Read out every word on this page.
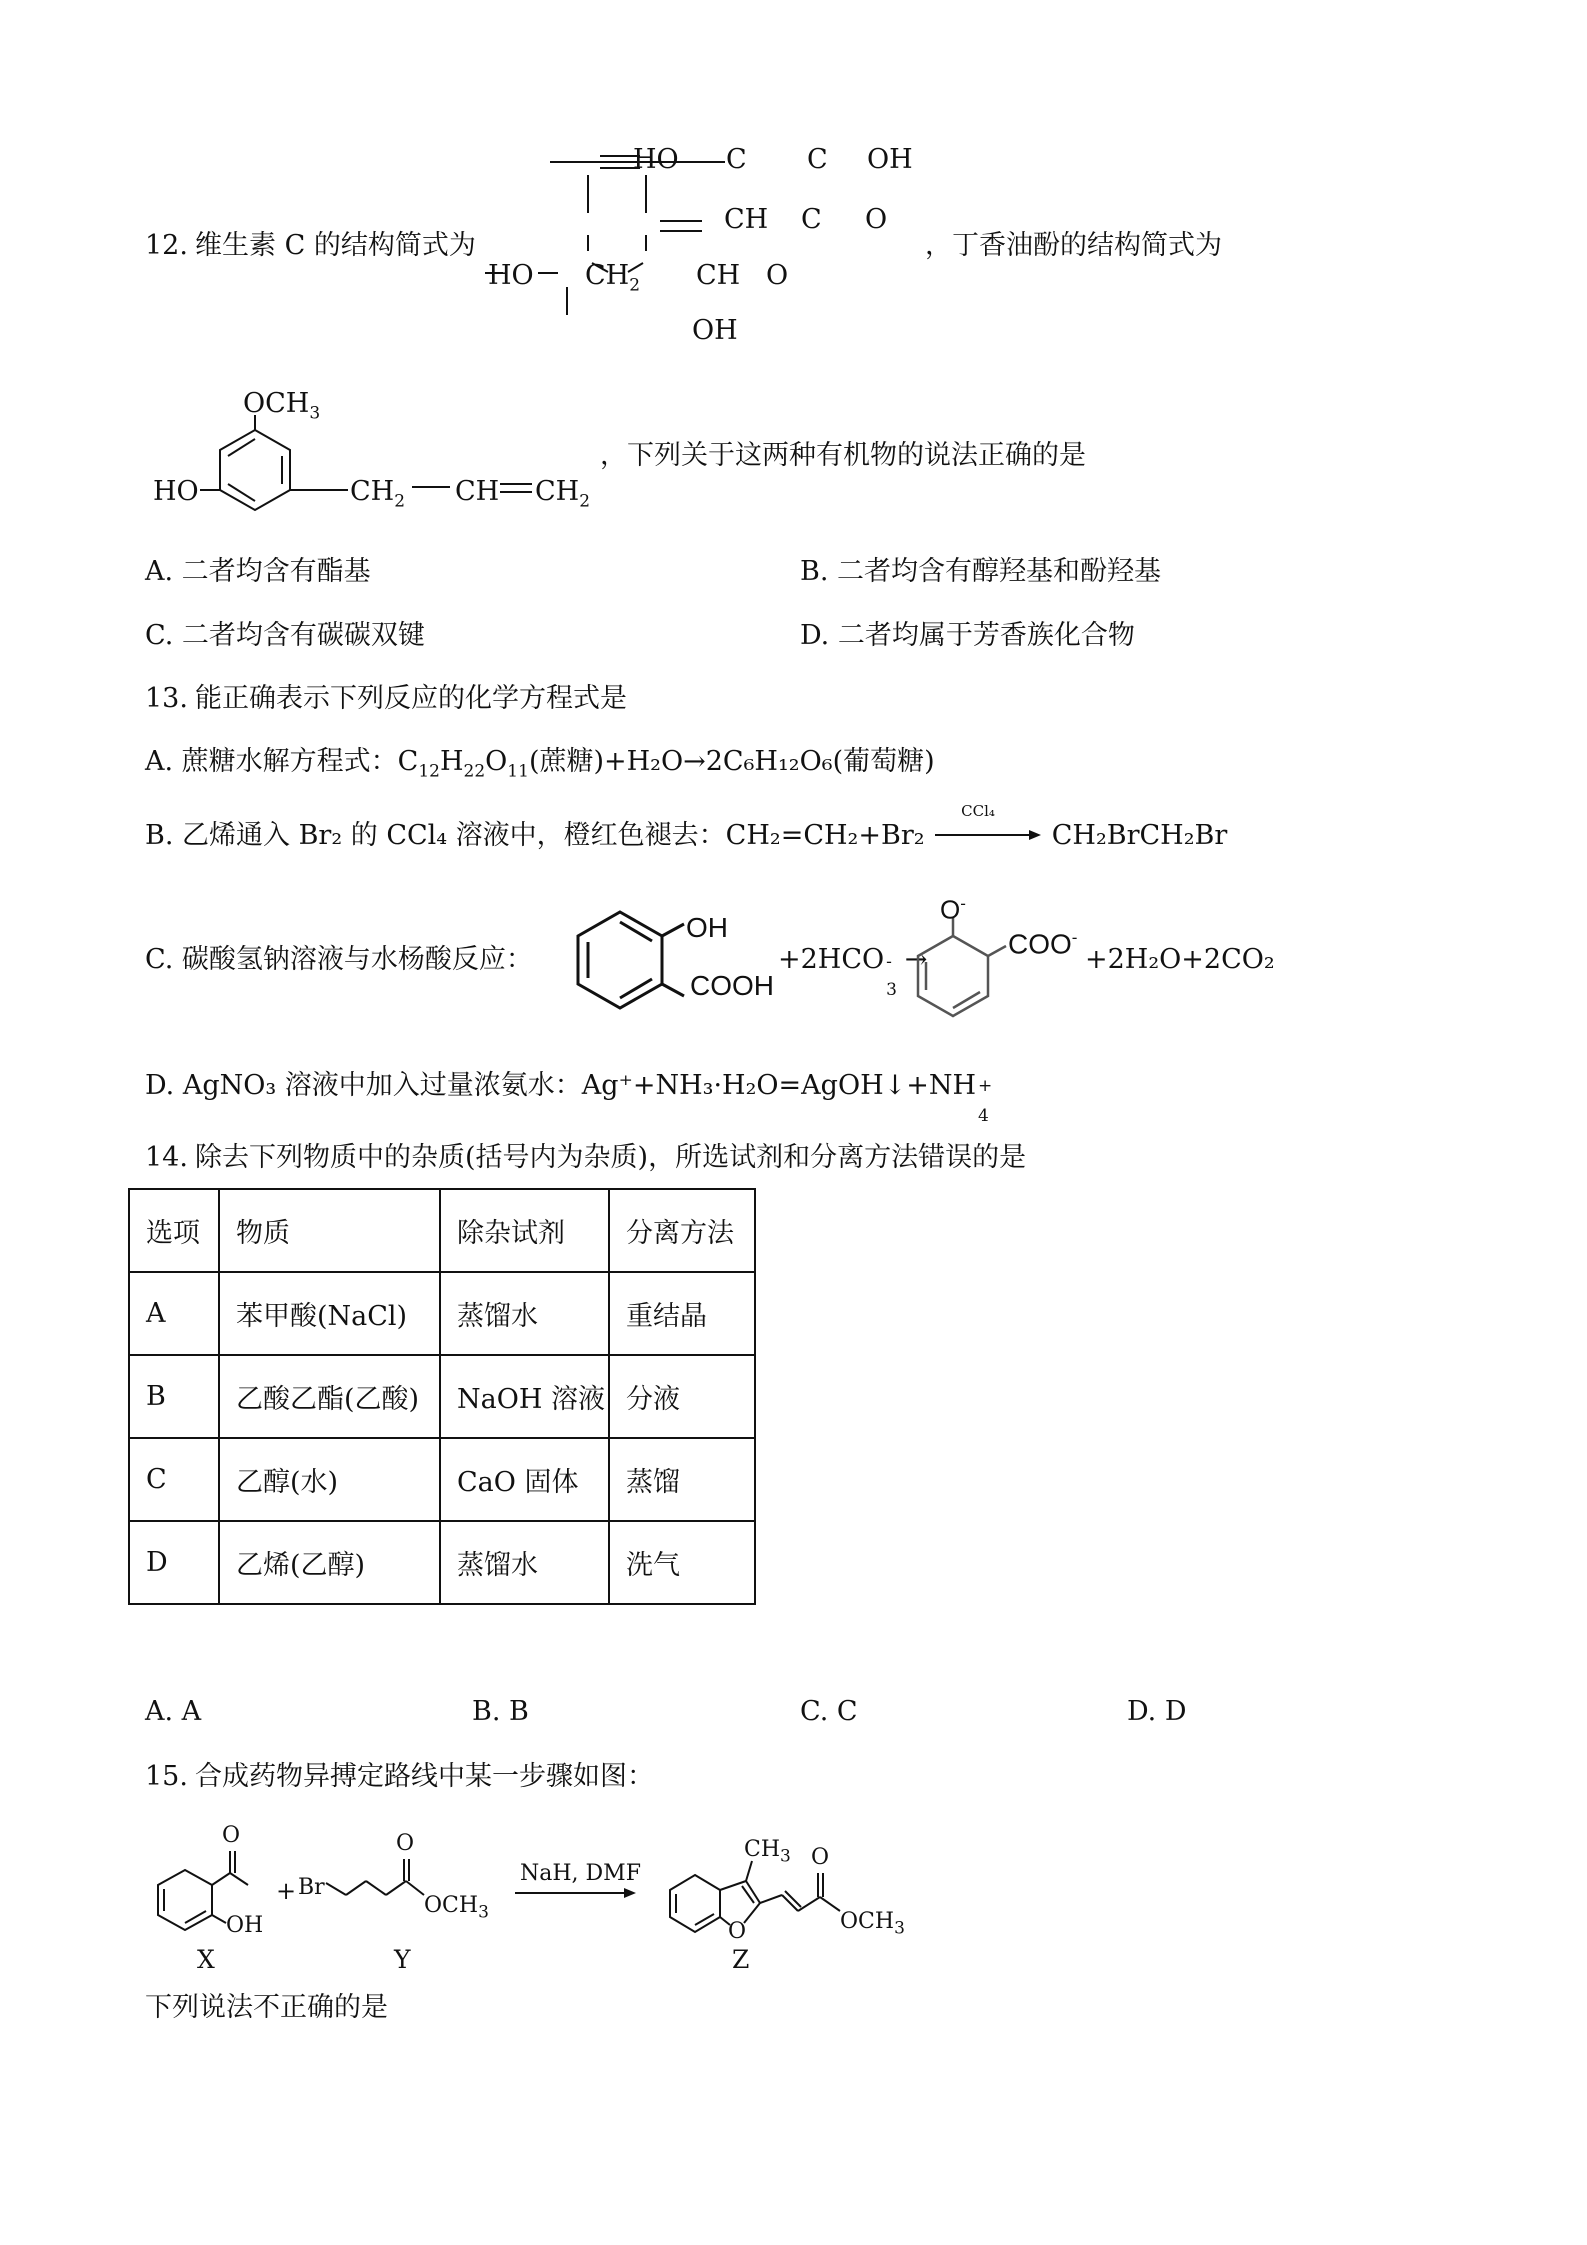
12. 维生素 C 的结构简式为
HO C C OH
CH C O
HO $CH_2$ CH O
OH
，丁香油酚的结构简式为
$OCH_3$
HO	$CH_2$ CH $CH_2$
，下列关于这两种有机物的说法正确的是
A. 二者均含有酯基	B. 二者均含有醇羟基和酚羟基
C. 二者均含有碳碳双键	D. 二者均属于芳香族化合物
13. 能正确表示下列反应的化学方程式是
A. 蔗糖水解方程式：$C_{12}H_{22}O_{11}$(蔗糖)+H₂O→2C₆H₁₂O₆(葡萄糖)
B. 乙烯通入 Br₂ 的 CCl₄ 溶液中，橙红色褪去：CH₂=CH₂+Br₂
CCl₄
CH₂BrCH₂Br
C. 碳酸氢钠溶液与水杨酸反应：
OH
COOH
+2HCO -
3
→
O-
COO-
+2H₂O+2CO₂
D. AgNO₃ 溶液中加入过量浓氨水：Ag⁺+NH₃·H₂O=AgOH↓+NH +
4
14. 除去下列物质中的杂质(括号内为杂质)，所选试剂和分离方法错误的是
选项	物质	除杂试剂	分离方法
A	苯甲酸(NaCl)	蒸馏水	重结晶
B	乙酸乙酯(乙酸)	NaOH 溶液	分液
C	乙醇(水)	CaO 固体	蒸馏
D	乙烯(乙醇)	蒸馏水	洗气
A. A	B. B	C. C	D. D
15. 合成药物异搏定路线中某一步骤如图：
O
OH
+ Br
O
$OCH_3$
NaH, DMF
$CH_3$
O
O
$OCH_3$
X	Y	Z
下列说法不正确的是
